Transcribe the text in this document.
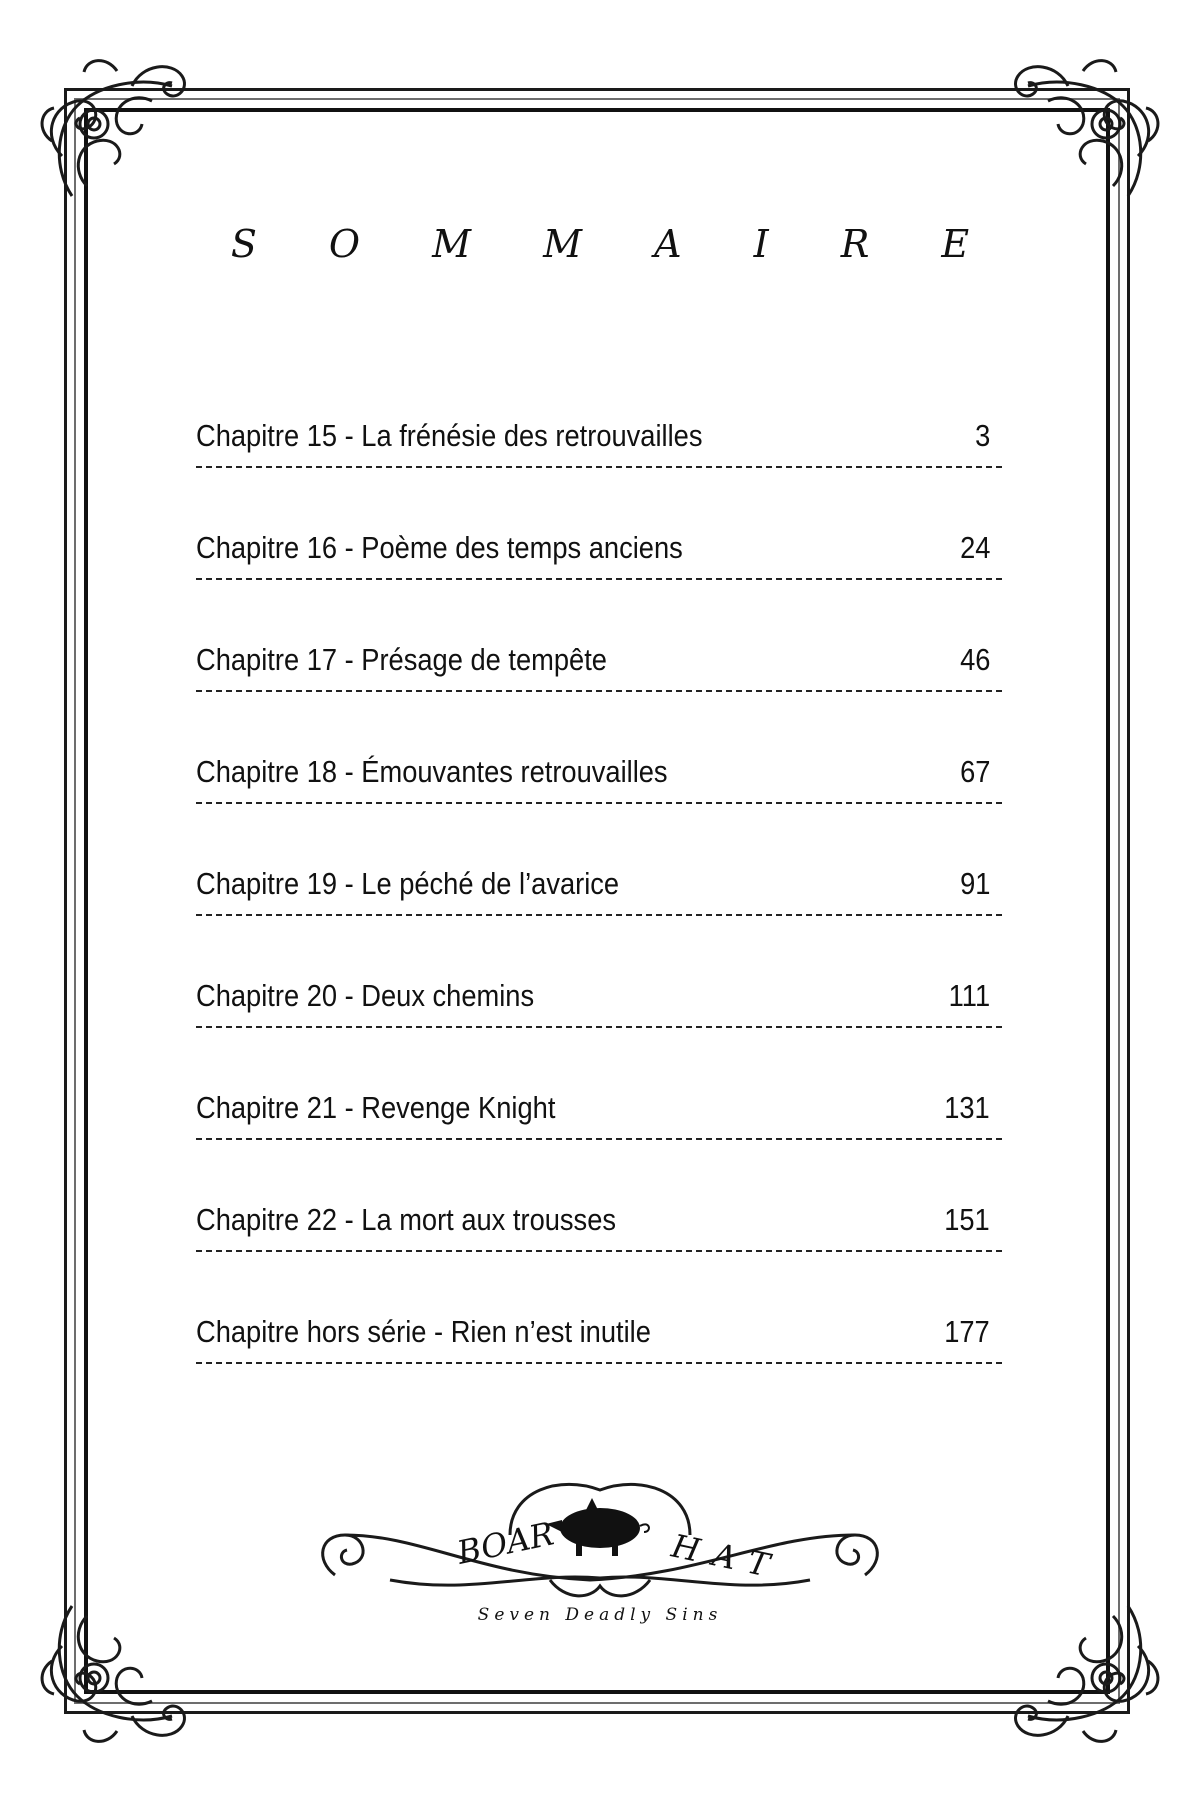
S O M M A I R E
Chapitre 15 - La frénésie des retrouvailles	3
Chapitre 16 - Poème des temps anciens	24
Chapitre 17 - Présage de tempête	46
Chapitre 18 - Émouvantes retrouvailles	67
Chapitre 19 - Le péché de l’avarice	91
Chapitre 20 - Deux chemins	111
Chapitre 21 - Revenge Knight	131
Chapitre 22 - La mort aux trousses	151
Chapitre hors série - Rien n’est inutile	177
BOAR	HAT
Seven Deadly Sins
